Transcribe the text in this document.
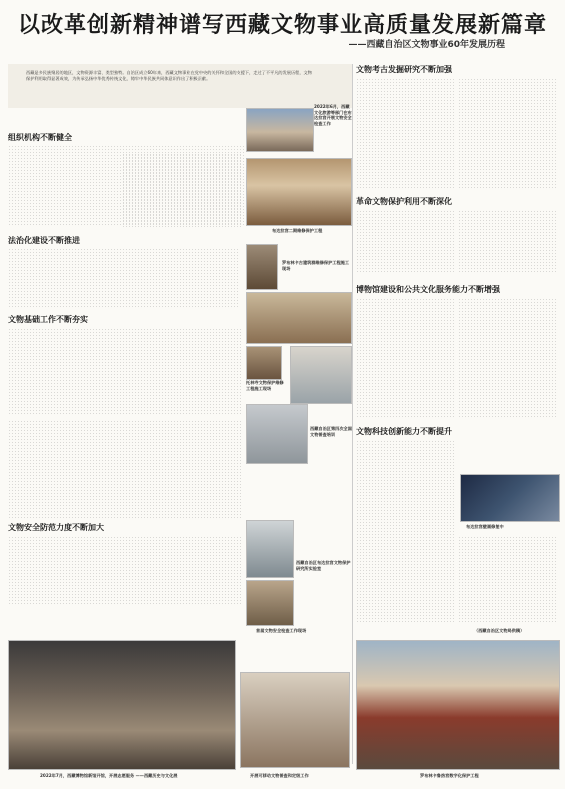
以改革创新精神谱写西藏文物事业高质量发展新篇章
——西藏自治区文物事业60年发展历程
西藏是多民族聚居的地区，文物资源丰富、类型独特。自治区成立60年来，西藏文物事业在党中央的关怀和全国的支援下，走过了不平凡的发展历程，文物保护利用取得显著成效，为传承弘扬中华优秀传统文化、铸牢中华民族共同体意识作出了积极贡献。
2022年6月，西藏文化旅游等部门在布达拉宫开展文物安全检查工作
组织机构不断健全
法治化建设不断推进
布达拉宫二期维修保护工程
罗布林卡古建筑群维修保护工程施工现场
文物基础工作不断夯实
托林寺文物保护维修工程施工现场
西藏自治区第四次全国文物普查培训
文物安全防范力度不断加大
西藏自治区布达拉宫文物保护研究所实验室
首届文物安全检查工作现场
2022年7月，西藏博物馆新馆开馆，开展志愿服务 ——西藏历史与文化展	开展可移动文物普查和定级工作
文物考古发掘研究不断加强
革命文物保护利用不断深化
博物馆建设和公共文化服务能力不断增强
文物科技创新能力不断提升
布达拉宫壁画修复中
（西藏自治区文物局供稿）
罗布林卡鲁热宫数字化保护工程
